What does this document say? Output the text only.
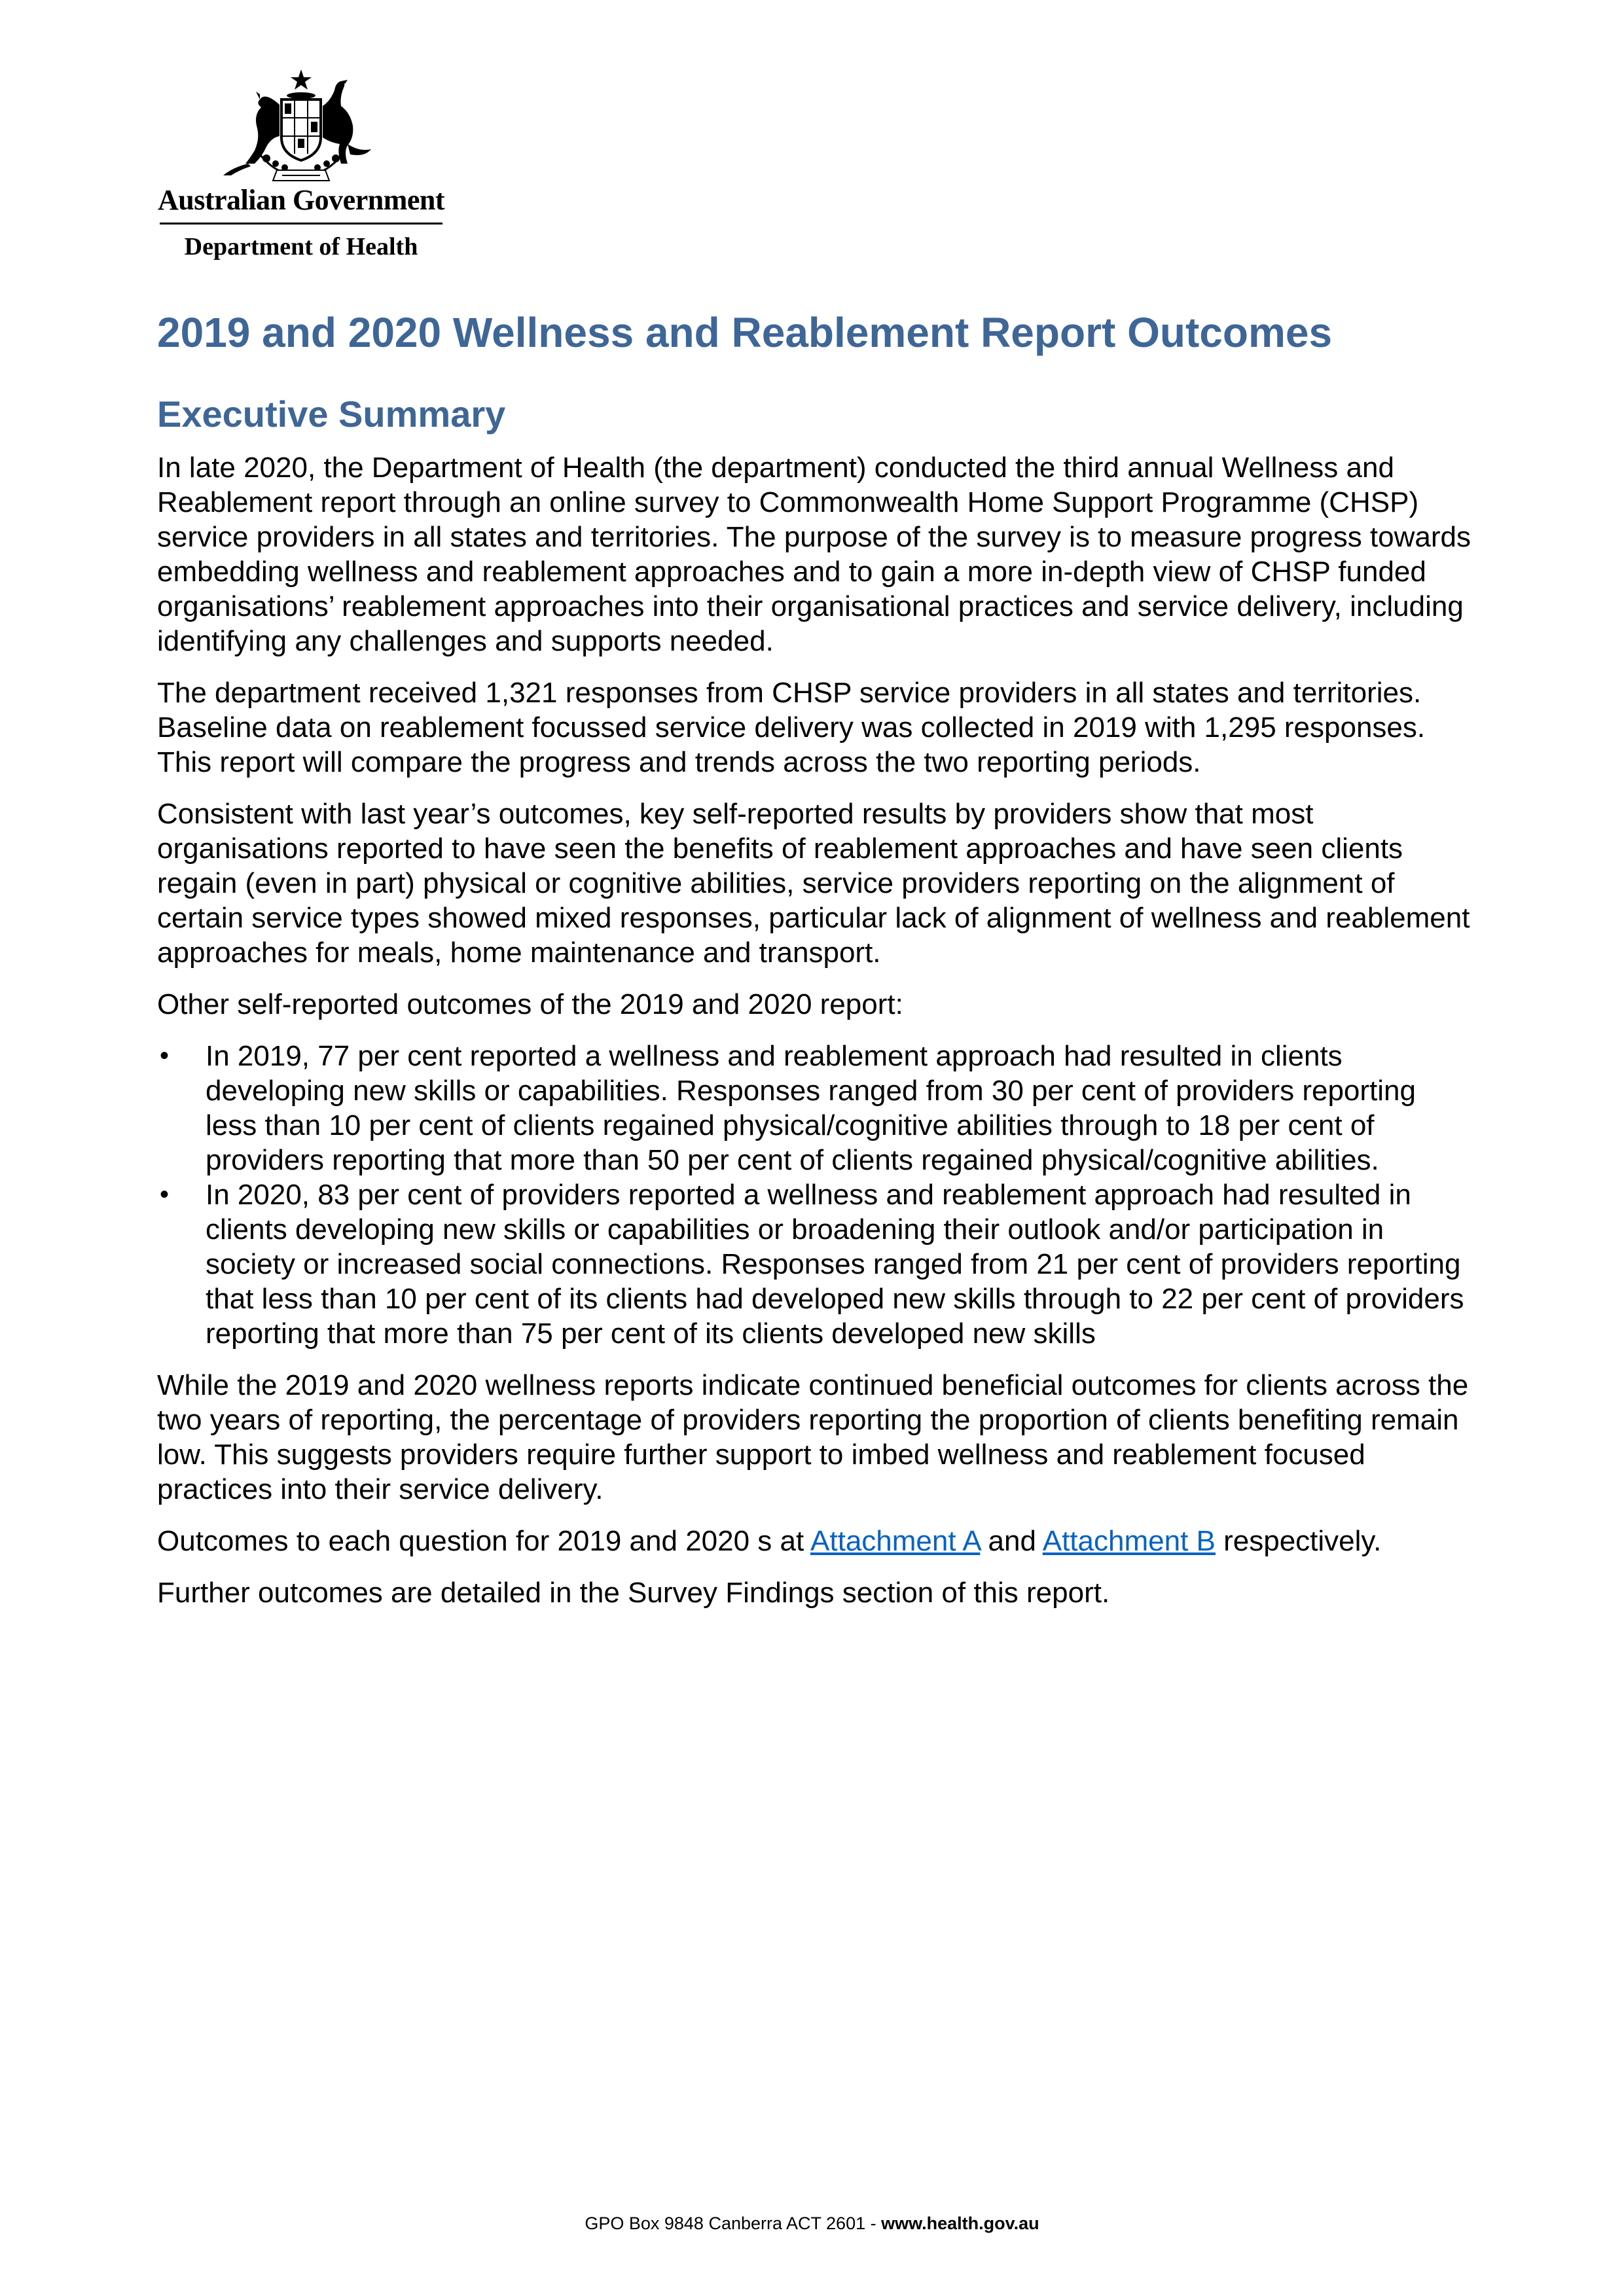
Australian Government
Department of Health
2019 and 2020 Wellness and Reablement Report Outcomes
Executive Summary

In late 2020, the Department of Health (the department) conducted the third annual Wellness and Reablement report through an online survey to Commonwealth Home Support Programme (CHSP) service providers in all states and territories. The purpose of the survey is to measure progress towards embedding wellness and reablement approaches and to gain a more in-depth view of CHSP funded organisations’ reablement approaches into their organisational practices and service delivery, including identifying any challenges and supports needed.

The department received 1,321 responses from CHSP service providers in all states and territories. Baseline data on reablement focussed service delivery was collected in 2019 with 1,295 responses. This report will compare the progress and trends across the two reporting periods.

Consistent with last year’s outcomes, key self-reported results by providers show that most organisations reported to have seen the benefits of reablement approaches and have seen clients regain (even in part) physical or cognitive abilities, service providers reporting on the alignment of certain service types showed mixed responses, particular lack of alignment of wellness and reablement approaches for meals, home maintenance and transport.

Other self-reported outcomes of the 2019 and 2020 report:

• In 2019, 77 per cent reported a wellness and reablement approach had resulted in clients developing new skills or capabilities. Responses ranged from 30 per cent of providers reporting less than 10 per cent of clients regained physical/cognitive abilities through to 18 per cent of providers reporting that more than 50 per cent of clients regained physical/cognitive abilities.
• In 2020, 83 per cent of providers reported a wellness and reablement approach had resulted in clients developing new skills or capabilities or broadening their outlook and/or participation in society or increased social connections. Responses ranged from 21 per cent of providers reporting that less than 10 per cent of its clients had developed new skills through to 22 per cent of providers reporting that more than 75 per cent of its clients developed new skills

While the 2019 and 2020 wellness reports indicate continued beneficial outcomes for clients across the two years of reporting, the percentage of providers reporting the proportion of clients benefiting remain low. This suggests providers require further support to imbed wellness and reablement focused practices into their service delivery.

Outcomes to each question for 2019 and 2020 s at Attachment A and Attachment B respectively.

Further outcomes are detailed in the Survey Findings section of this report.

GPO Box 9848 Canberra ACT 2601 - www.health.gov.au
